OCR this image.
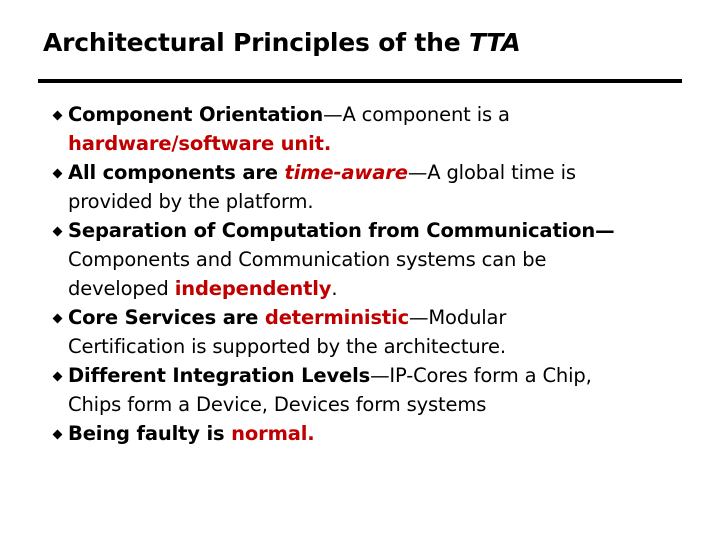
Architectural Principles of the TTA
Component Orientation—A component is a
hardware/software unit.
All components are time-aware—A global time is
provided by the platform.
Separation of Computation from Communication—
Components and Communication systems can be
developed independently.
Core Services are deterministic—Modular
Certification is supported by the architecture.
Different Integration Levels—IP-Cores form a Chip,
Chips form a Device, Devices form systems
Being faulty is normal.
